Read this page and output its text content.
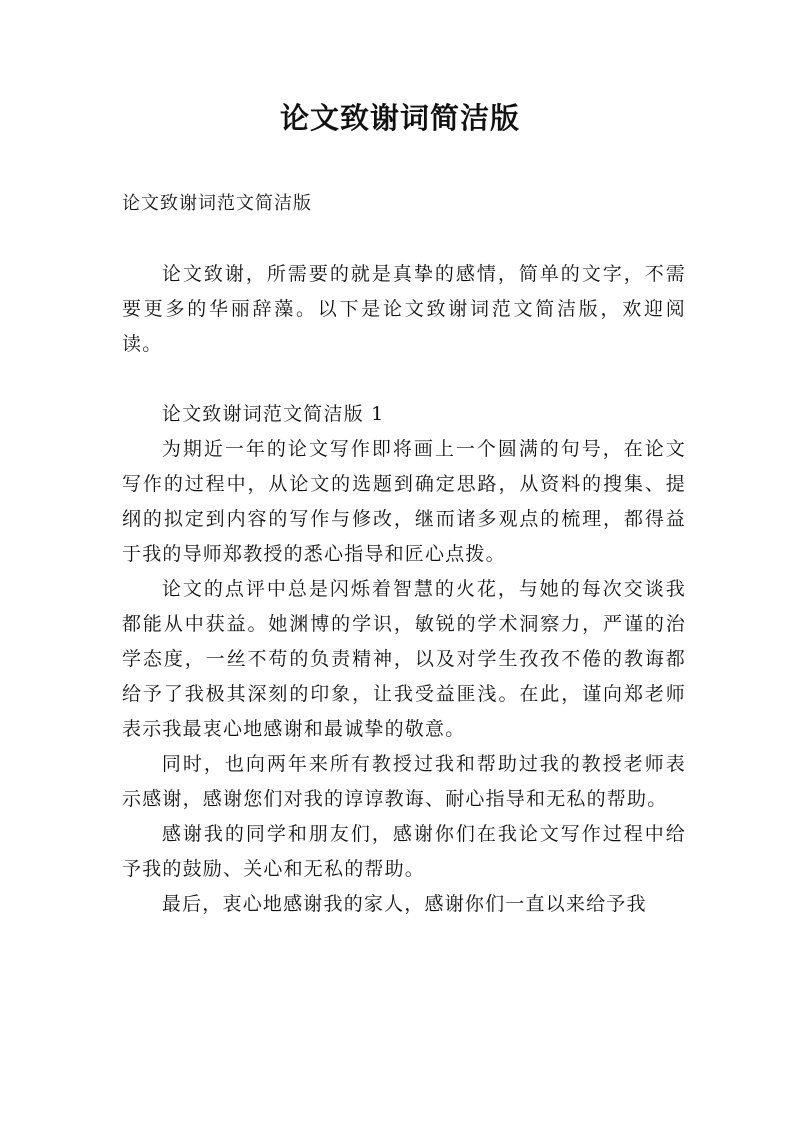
论文致谢词简洁版
论文致谢词范文简洁版

论文致谢，所需要的就是真挚的感情，简单的文字，不需要更多的华丽辞藻。以下是论文致谢词范文简洁版，欢迎阅读。

论文致谢词范文简洁版 1

为期近一年的论文写作即将画上一个圆满的句号，在论文写作的过程中，从论文的选题到确定思路，从资料的搜集、提纲的拟定到内容的写作与修改，继而诸多观点的梳理，都得益于我的导师郑教授的悉心指导和匠心点拨。

论文的点评中总是闪烁着智慧的火花，与她的每次交谈我都能从中获益。她渊博的学识，敏锐的学术洞察力，严谨的治学态度，一丝不苟的负责精神，以及对学生孜孜不倦的教诲都给予了我极其深刻的印象，让我受益匪浅。在此，谨向郑老师表示我最衷心地感谢和最诚挚的敬意。

同时，也向两年来所有教授过我和帮助过我的教授老师表示感谢，感谢您们对我的谆谆教诲、耐心指导和无私的帮助。

感谢我的同学和朋友们，感谢你们在我论文写作过程中给予我的鼓励、关心和无私的帮助。

最后，衷心地感谢我的家人，感谢你们一直以来给予我
